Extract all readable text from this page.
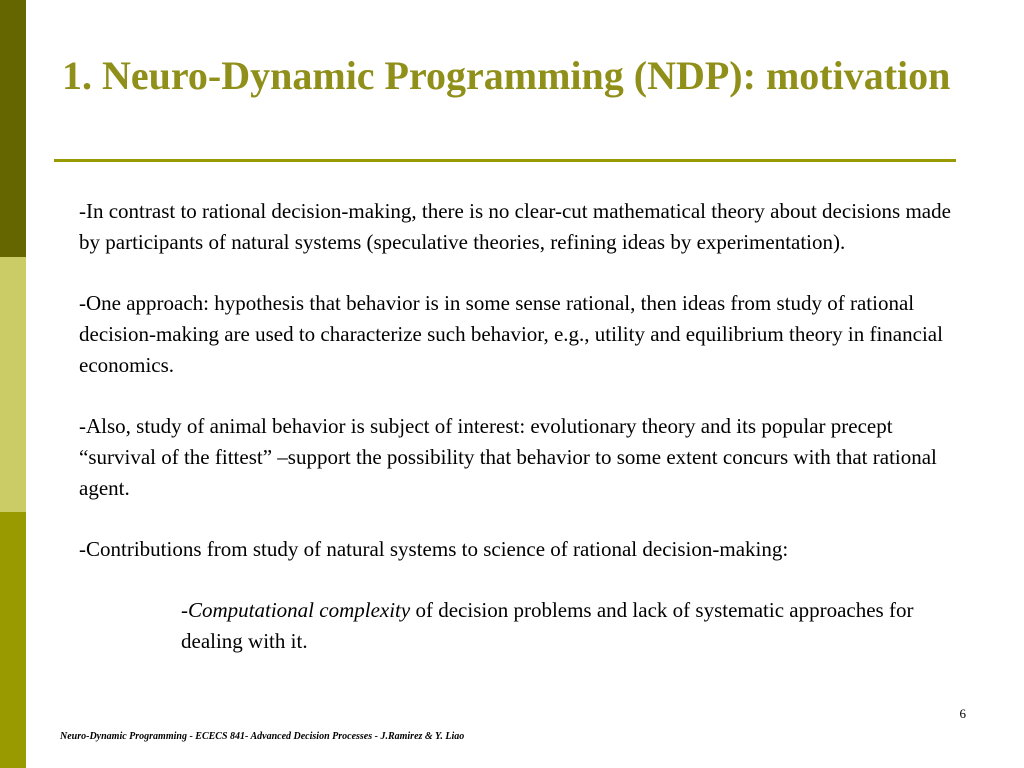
1. Neuro-Dynamic Programming (NDP): motivation

-In contrast to rational decision-making, there is no clear-cut mathematical theory about decisions made by participants of natural systems (speculative theories, refining ideas by experimentation).

-One approach: hypothesis that behavior is in some sense rational, then ideas from study of rational decision-making are used to characterize such behavior, e.g., utility and equilibrium theory in financial economics.

-Also, study of animal behavior is subject of interest: evolutionary theory and its popular precept “survival of the fittest” –support the possibility that behavior to some extent concurs with that rational agent.

-Contributions from study of natural systems to science of rational decision-making:

-Computational complexity of decision problems and lack of systematic approaches for dealing with it.

6
Neuro-Dynamic Programming - ECECS 841- Advanced Decision Processes - J.Ramirez & Y. Liao
